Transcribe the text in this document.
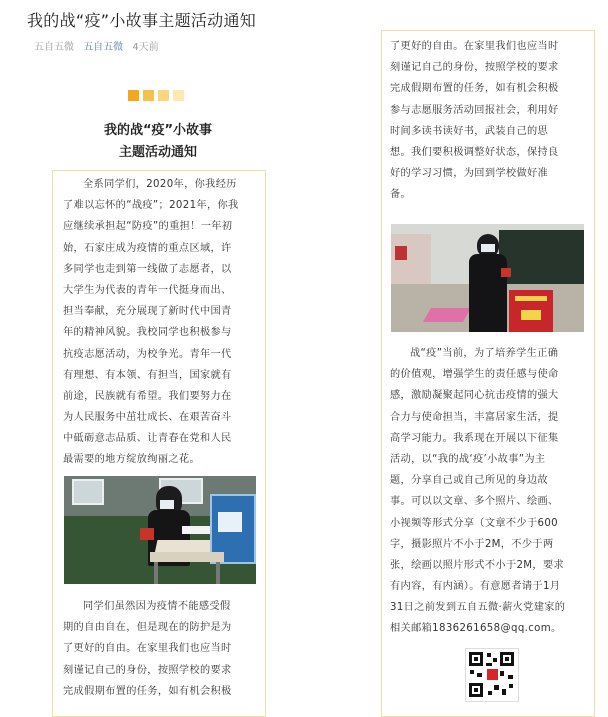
我的战“疫”小故事主题活动通知
五自五微 五自五微 4天前
我的战“疫”小故事
主题活动通知
全系同学们，2020年，你我经历
了难以忘怀的“战疫”；2021年，你我
应继续承担起“防疫”的重担！一年初
始，石家庄成为疫情的重点区域，许
多同学也走到第一线做了志愿者，以
大学生为代表的青年一代挺身而出、
担当奉献，充分展现了新时代中国青
年的精神风貌。我校同学也积极参与
抗疫志愿活动，为校争光。青年一代
有理想、有本领、有担当，国家就有
前途，民族就有希望。我们要努力在
为人民服务中茁壮成长、在艰苦奋斗
中砥砺意志品质、让青春在党和人民
最需要的地方绽放绚丽之花。
同学们虽然因为疫情不能感受假
期的自由自在，但是现在的防护是为
了更好的自由。在家里我们也应当时
刻谨记自己的身份，按照学校的要求
完成假期布置的任务，如有机会积极
了更好的自由。在家里我们也应当时
刻谨记自己的身份，按照学校的要求
完成假期布置的任务，如有机会积极
参与志愿服务活动回报社会，利用好
时间多读书读好书，武装自己的思
想。我们要积极调整好状态，保持良
好的学习习惯，为回到学校做好准
备。
战“疫”当前，为了培养学生正确
的价值观，增强学生的责任感与使命
感，激励凝聚起同心抗击疫情的强大
合力与使命担当，丰富居家生活，提
高学习能力。我系现在开展以下征集
活动，以“我的战‘疫’小故事”为主
题，分享自己或自己所见的身边故
事。可以以文章、多个照片、绘画、
小视频等形式分享（文章不少于600
字，摄影照片不小于2M，不少于两
张，绘画以照片形式不小于2M，要求
有内容，有内涵）。有意愿者请于1月
31日之前发到五自五微·薪火党建家的
相关邮箱1836261658@qq.com。
